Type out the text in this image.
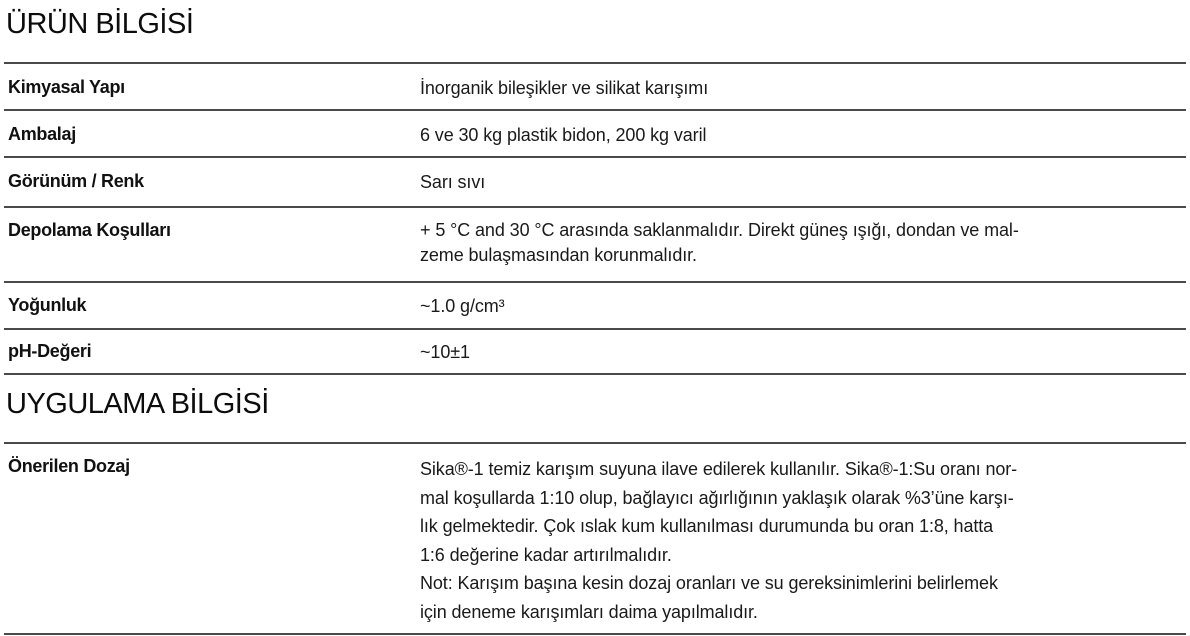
ÜRÜN BİLGİSİ
Kimyasal Yapı	İnorganik bileşikler ve silikat karışımı
Ambalaj	6 ve 30 kg plastik bidon, 200 kg varil
Görünüm / Renk	Sarı sıvı
Depolama Koşulları	+ 5 °C and 30 °C arasında saklanmalıdır. Direkt güneş ışığı, dondan ve mal-
zeme bulaşmasından korunmalıdır.
Yoğunluk	~1.0 g/cm³
pH-Değeri	~10±1
UYGULAMA BİLGİSİ
Önerilen Dozaj	Sika®-1 temiz karışım suyuna ilave edilerek kullanılır. Sika®-1:Su oranı nor-
mal koşullarda 1:10 olup, bağlayıcı ağırlığının yaklaşık olarak %3’üne karşı-
lık gelmektedir. Çok ıslak kum kullanılması durumunda bu oran 1:8, hatta
1:6 değerine kadar artırılmalıdır.
Not: Karışım başına kesin dozaj oranları ve su gereksinimlerini belirlemek
için deneme karışımları daima yapılmalıdır.
